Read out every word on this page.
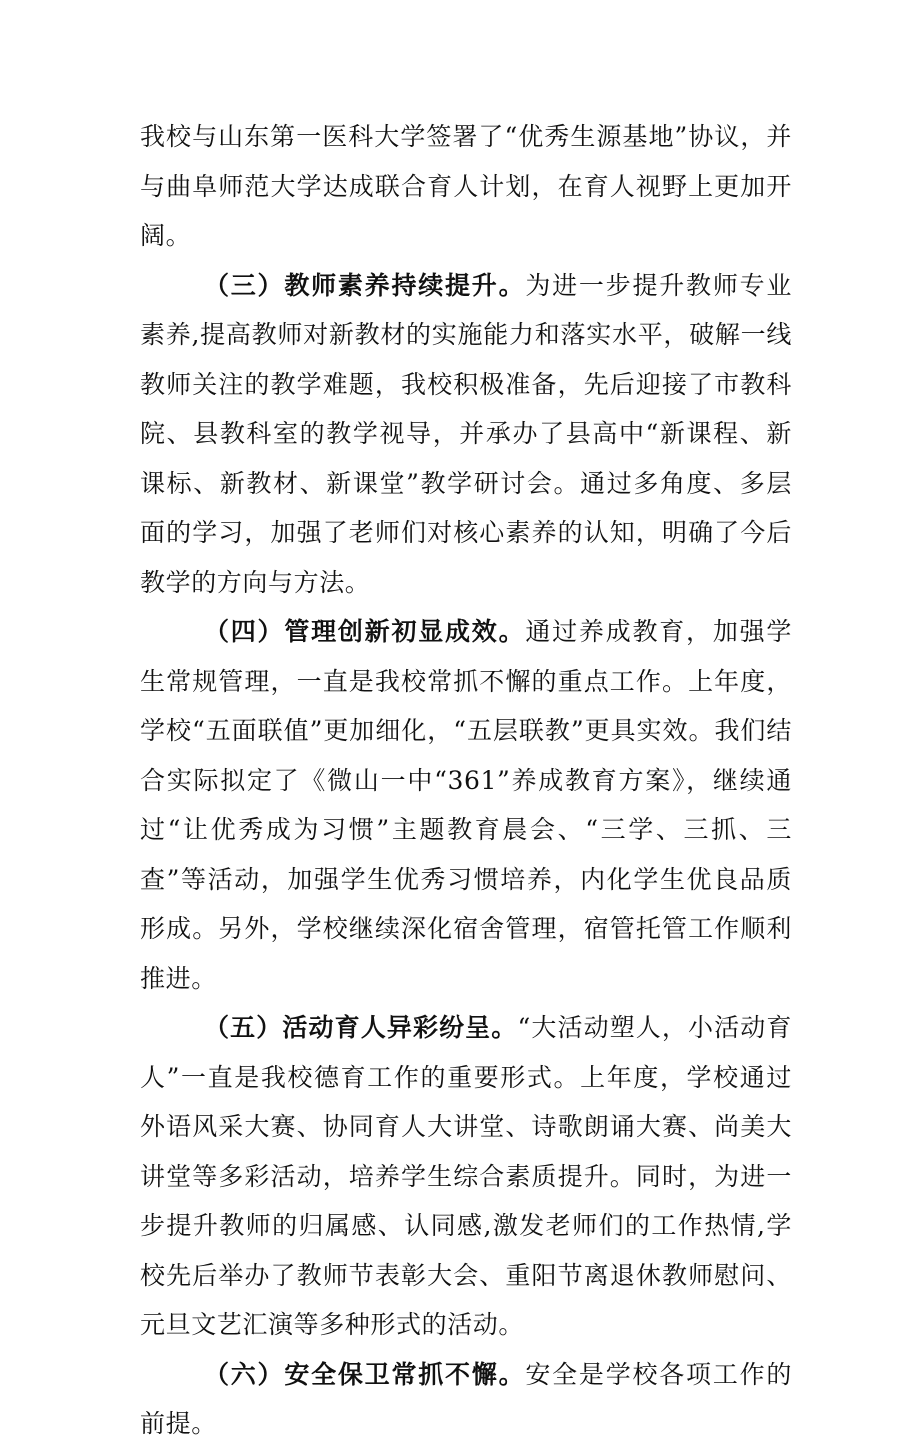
我校与山东第一医科大学签署了“优秀生源基地”协议，并与曲阜师范大学达成联合育人计划，在育人视野上更加开阔。

（三）教师素养持续提升。为进一步提升教师专业素养,提高教师对新教材的实施能力和落实水平，破解一线教师关注的教学难题，我校积极准备，先后迎接了市教科院、县教科室的教学视导，并承办了县高中“新课程、新课标、新教材、新课堂”教学研讨会。通过多角度、多层面的学习，加强了老师们对核心素养的认知，明确了今后教学的方向与方法。

（四）管理创新初显成效。通过养成教育，加强学生常规管理，一直是我校常抓不懈的重点工作。上年度，学校“五面联值”更加细化，“五层联教”更具实效。我们结合实际拟定了《微山一中“361”养成教育方案》，继续通过“让优秀成为习惯”主题教育晨会、“三学、三抓、三查”等活动，加强学生优秀习惯培养，内化学生优良品质形成。另外，学校继续深化宿舍管理，宿管托管工作顺利推进。

（五）活动育人异彩纷呈。“大活动塑人，小活动育人”一直是我校德育工作的重要形式。上年度，学校通过外语风采大赛、协同育人大讲堂、诗歌朗诵大赛、尚美大讲堂等多彩活动，培养学生综合素质提升。同时，为进一步提升教师的归属感、认同感,激发老师们的工作热情,学校先后举办了教师节表彰大会、重阳节离退休教师慰问、元旦文艺汇演等多种形式的活动。

（六）安全保卫常抓不懈。安全是学校各项工作的前提。
